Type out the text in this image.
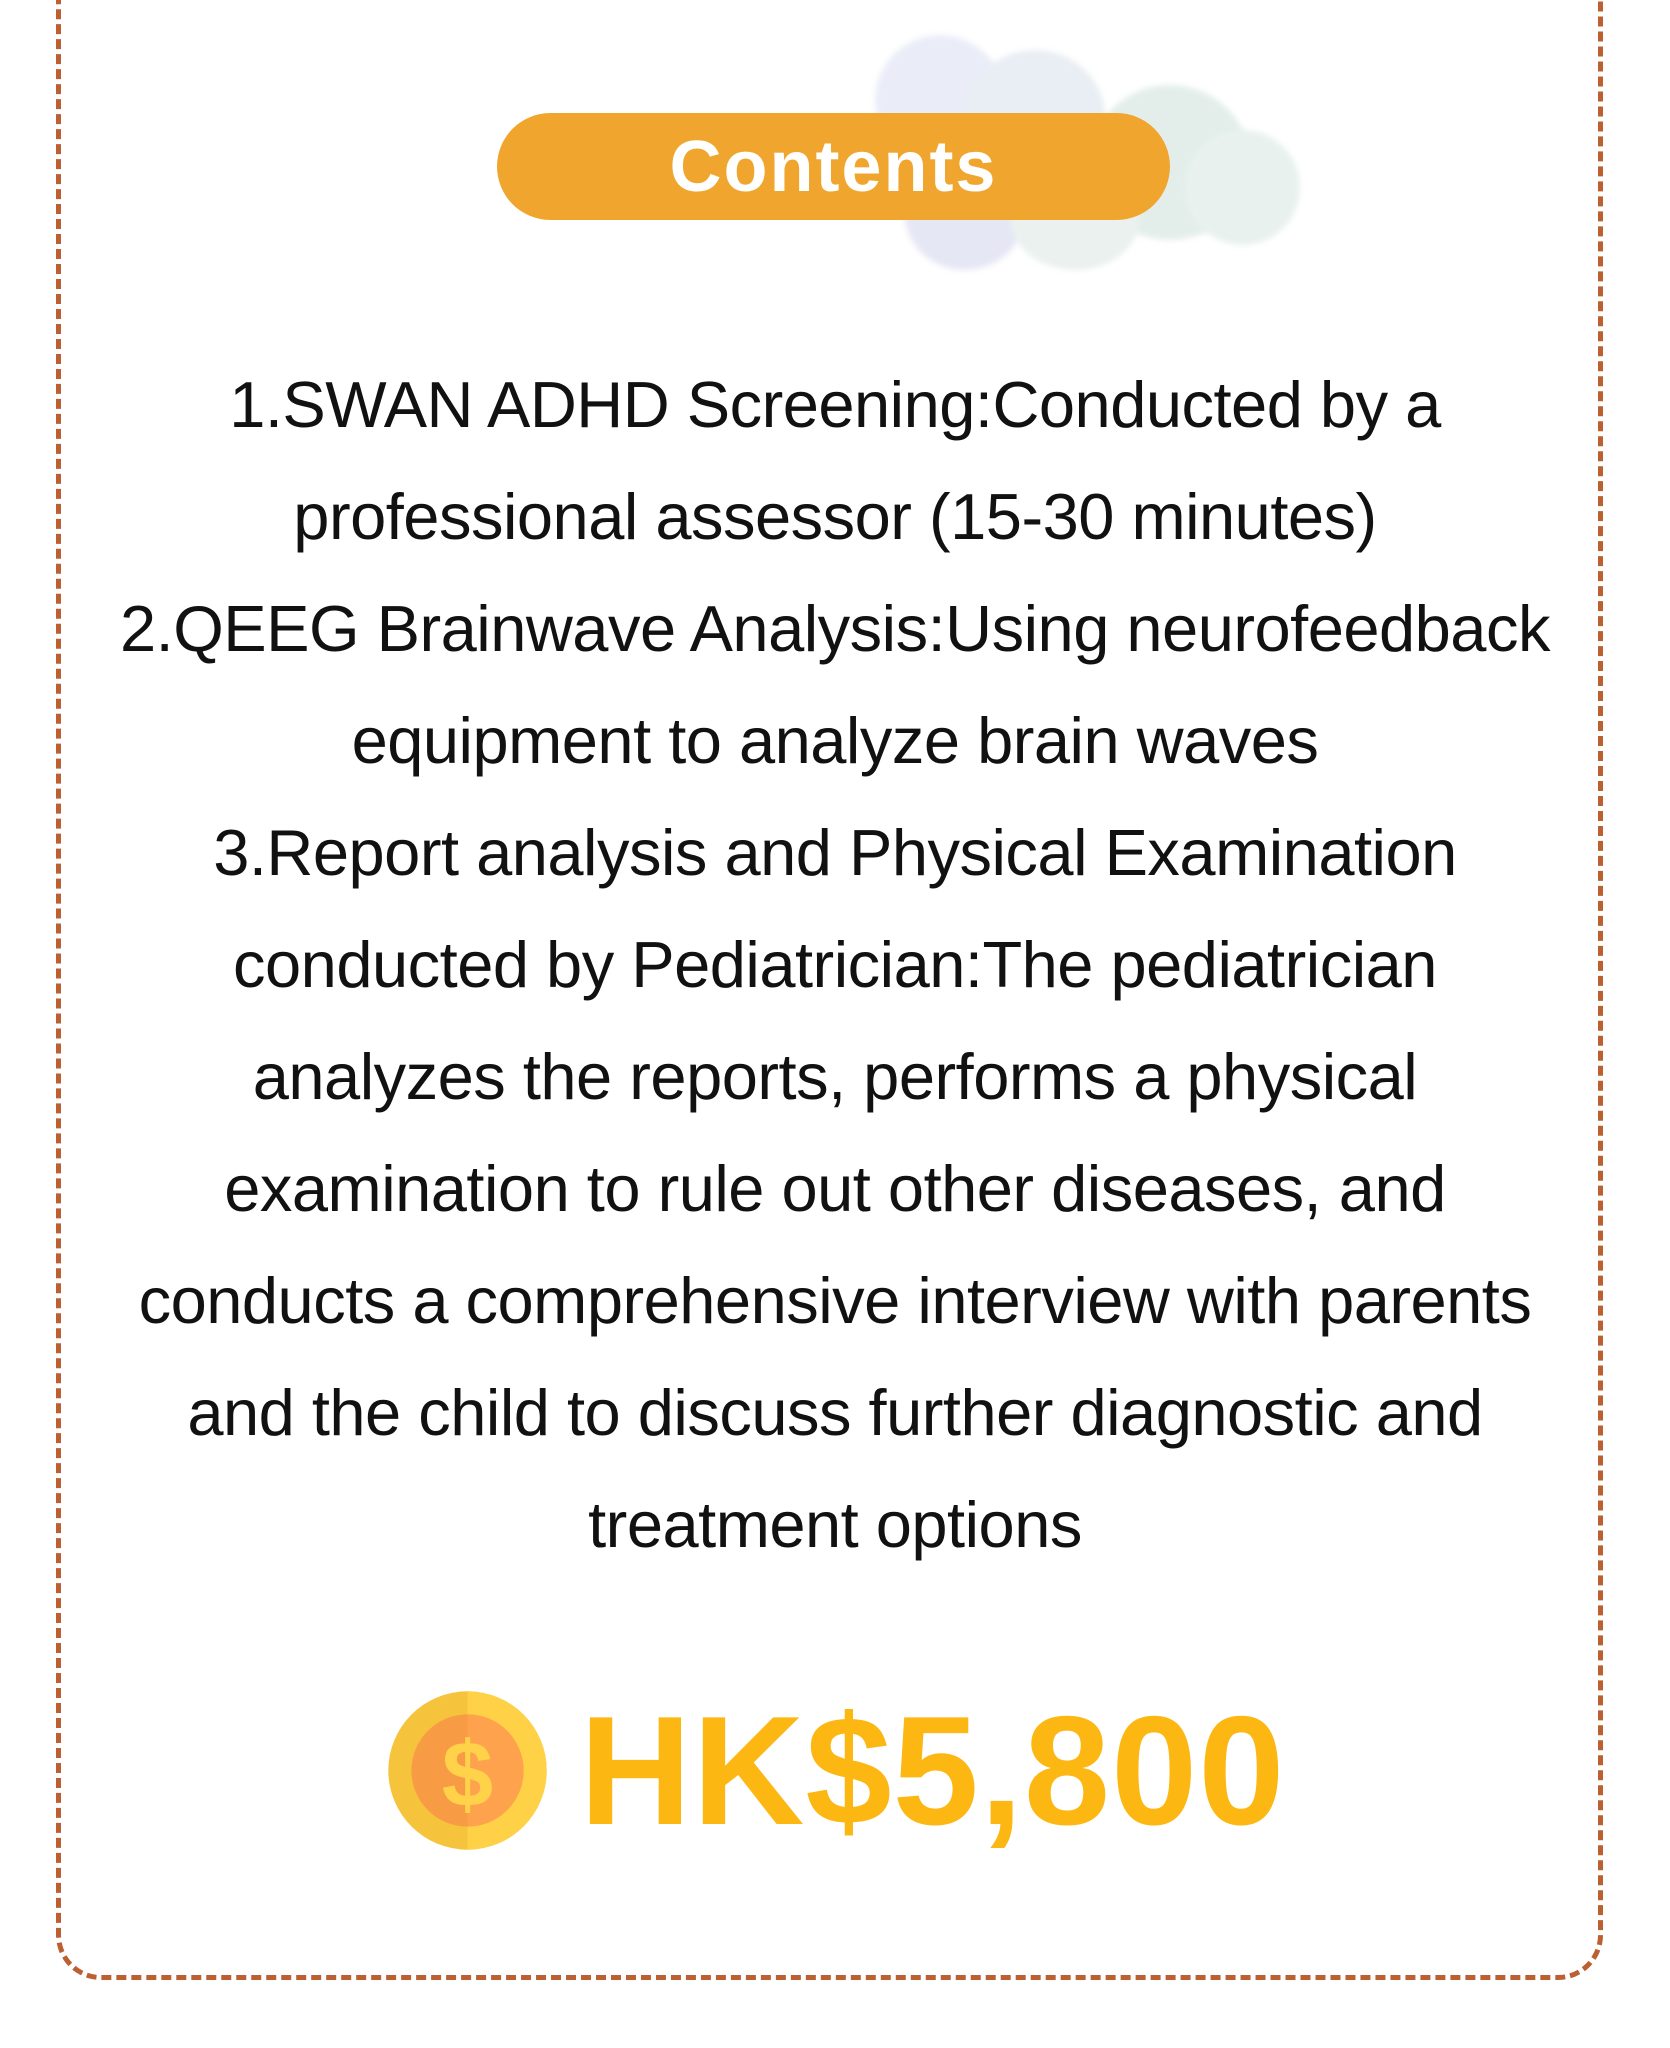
Contents
1.SWAN ADHD Screening:Conducted by a
professional assessor (15-30 minutes)
2.QEEG Brainwave Analysis:Using neurofeedback
equipment to analyze brain waves
3.Report analysis and Physical Examination
conducted by Pediatrician:The pediatrician
analyzes the reports, performs a physical
examination to rule out other diseases, and
conducts a comprehensive interview with parents
and the child to discuss further diagnostic and
treatment options
$ HK$5,800
